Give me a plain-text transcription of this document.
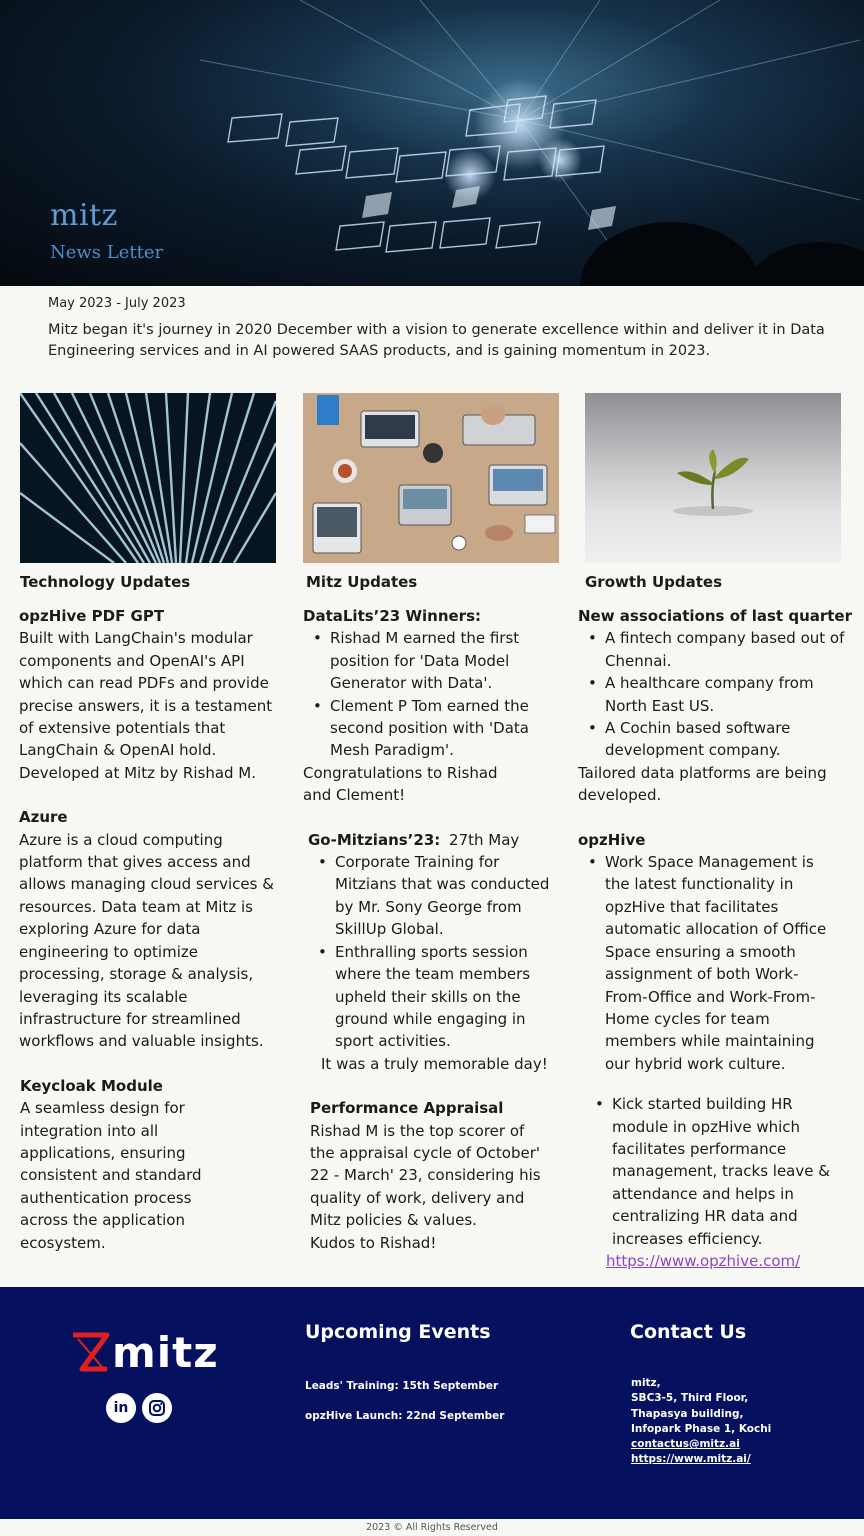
mitz
News Letter
May 2023 - July 2023
Mitz began it's journey in 2020 December with a vision to generate excellence within and deliver it in Data Engineering services and in AI powered SAAS products, and is gaining momentum in 2023.
Technology Updates	Mitz Updates	Growth Updates
opzHive PDF GPT

Built with LangChain's modular components and OpenAI's API which can read PDFs and provide precise answers, it is a testament of extensive potentials that LangChain & OpenAI hold. Developed at Mitz by Rishad M.

Azure

Azure is a cloud computing platform that gives access and allows managing cloud services & resources. Data team at Mitz is exploring Azure for data engineering to optimize processing, storage & analysis, leveraging its scalable infrastructure for streamlined workflows and valuable insights.

Keycloak Module

A seamless design for integration into all applications, ensuring consistent and standard authentication process across the application ecosystem.

DataLits’23 Winners:
• Rishad M earned the first position for 'Data Model Generator with Data'.
• Clement P Tom earned the second position with 'Data Mesh Paradigm'.

Congratulations to Rishad and Clement!

Go-Mitzians’23: 27th May
• Corporate Training for Mitzians that was conducted by Mr. Sony George from SkillUp Global.
• Enthralling sports session where the team members upheld their skills on the ground while engaging in sport activities.

It was a truly memorable day!

Performance Appraisal

Rishad M is the top scorer of the appraisal cycle of October' 22 - March' 23, considering his quality of work, delivery and Mitz policies & values.

Kudos to Rishad!

New associations of last quarter
• A fintech company based out of Chennai.
• A healthcare company from North East US.
• A Cochin based software development company.

Tailored data platforms are being developed.

opzHive
• Work Space Management is the latest functionality in opzHive that facilitates automatic allocation of Office Space ensuring a smooth assignment of both Work-From-Office and Work-From-Home cycles for team members while maintaining our hybrid work culture.
• Kick started building HR module in opzHive which facilitates performance management, tracks leave & attendance and helps in centralizing HR data and increases efficiency.

https://www.opzhive.com/

mitz
in
Upcoming Events
Leads' Training: 15th September
opzHive Launch: 22nd September
Contact Us
mitz,
SBC3-5, Third Floor,
Thapasya building,
Infopark Phase 1, Kochi
contactus@mitz.ai
https://www.mitz.ai/
2023 © All Rights Reserved
